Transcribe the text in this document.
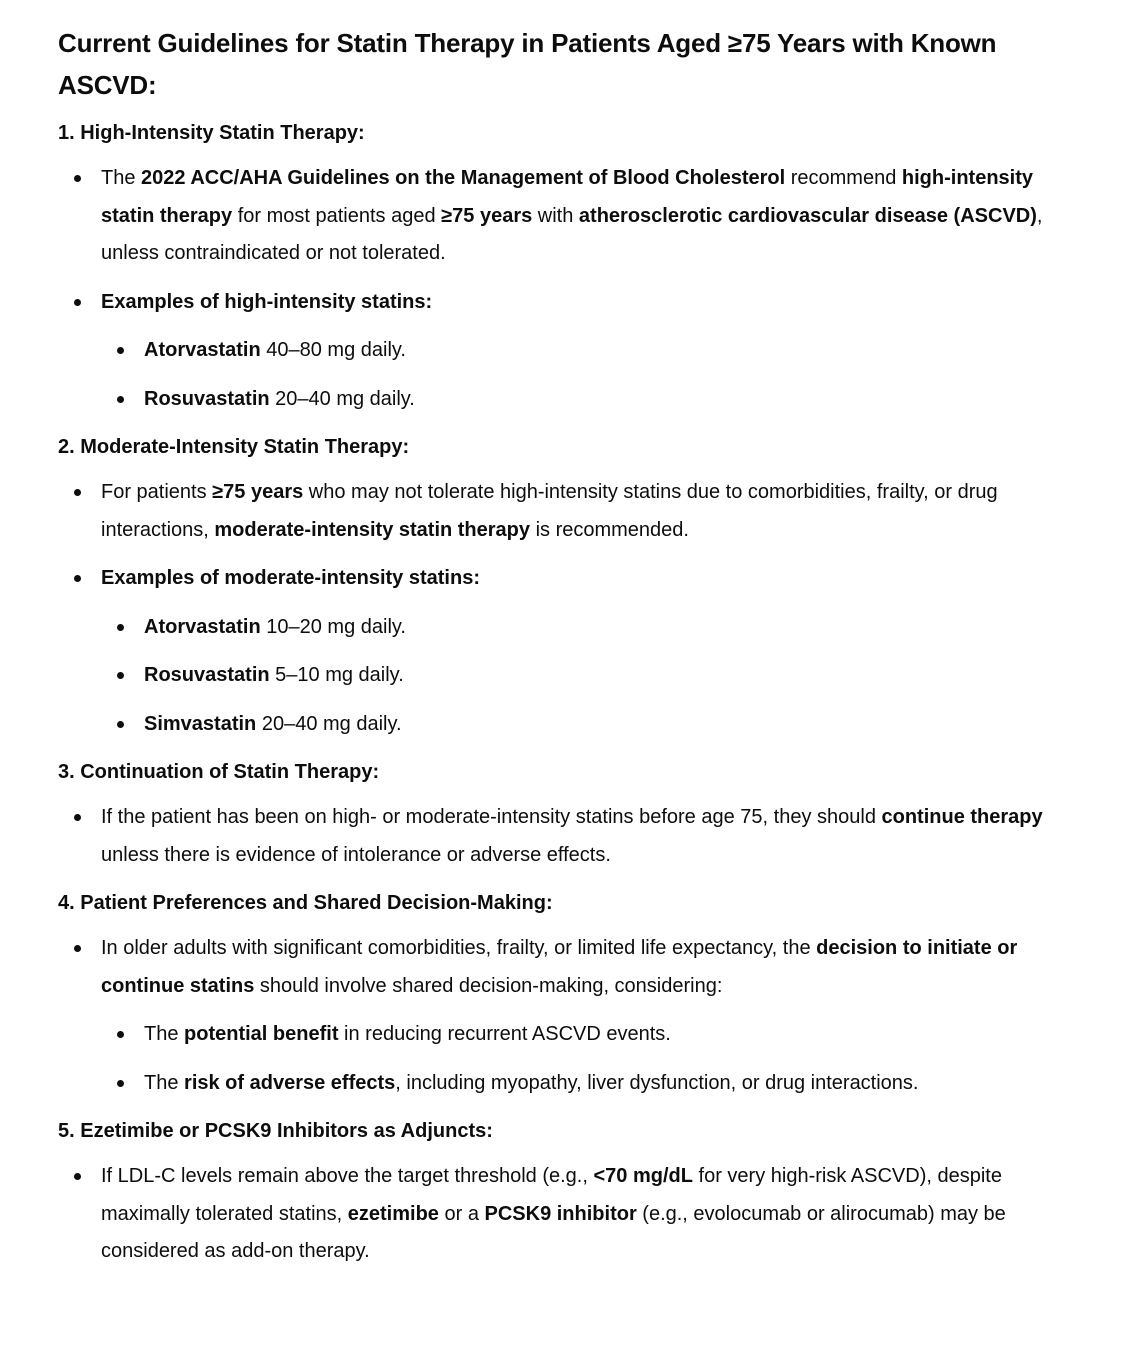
Current Guidelines for Statin Therapy in Patients Aged ≥75 Years with Known ASCVD:
1. High-Intensity Statin Therapy:
The 2022 ACC/AHA Guidelines on the Management of Blood Cholesterol recommend high-intensity statin therapy for most patients aged ≥75 years with atherosclerotic cardiovascular disease (ASCVD), unless contraindicated or not tolerated.
Examples of high-intensity statins:
Atorvastatin 40–80 mg daily.
Rosuvastatin 20–40 mg daily.
2. Moderate-Intensity Statin Therapy:
For patients ≥75 years who may not tolerate high-intensity statins due to comorbidities, frailty, or drug interactions, moderate-intensity statin therapy is recommended.
Examples of moderate-intensity statins:
Atorvastatin 10–20 mg daily.
Rosuvastatin 5–10 mg daily.
Simvastatin 20–40 mg daily.
3. Continuation of Statin Therapy:
If the patient has been on high- or moderate-intensity statins before age 75, they should continue therapy unless there is evidence of intolerance or adverse effects.
4. Patient Preferences and Shared Decision-Making:
In older adults with significant comorbidities, frailty, or limited life expectancy, the decision to initiate or continue statins should involve shared decision-making, considering:
The potential benefit in reducing recurrent ASCVD events.
The risk of adverse effects, including myopathy, liver dysfunction, or drug interactions.
5. Ezetimibe or PCSK9 Inhibitors as Adjuncts:
If LDL-C levels remain above the target threshold (e.g., <70 mg/dL for very high-risk ASCVD), despite maximally tolerated statins, ezetimibe or a PCSK9 inhibitor (e.g., evolocumab or alirocumab) may be considered as add-on therapy.
